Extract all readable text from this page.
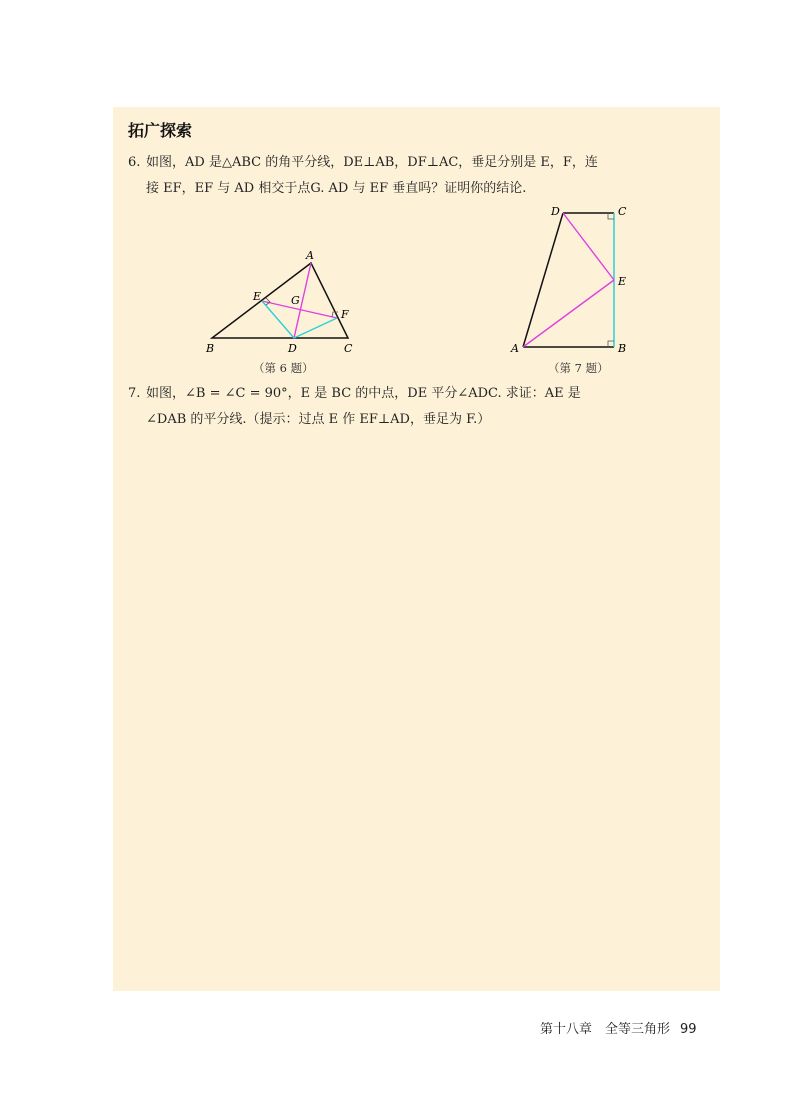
拓广探索
6. 如图，AD 是△ABC 的角平分线，DE⊥AB，DF⊥AC，垂足分别是 E，F，连
接 EF，EF 与 AD 相交于点G. AD 与 EF 垂直吗？证明你的结论.
A
B	C
D
E
F
G
（第 6 题）
D	C
E
A	B
（第 7 题）
7. 如图，∠B = ∠C = 90°，E 是 BC 的中点，DE 平分∠ADC. 求证：AE 是
∠DAB 的平分线.（提示：过点 E 作 EF⊥AD，垂足为 F.）
第十八章　全等三角形 99
